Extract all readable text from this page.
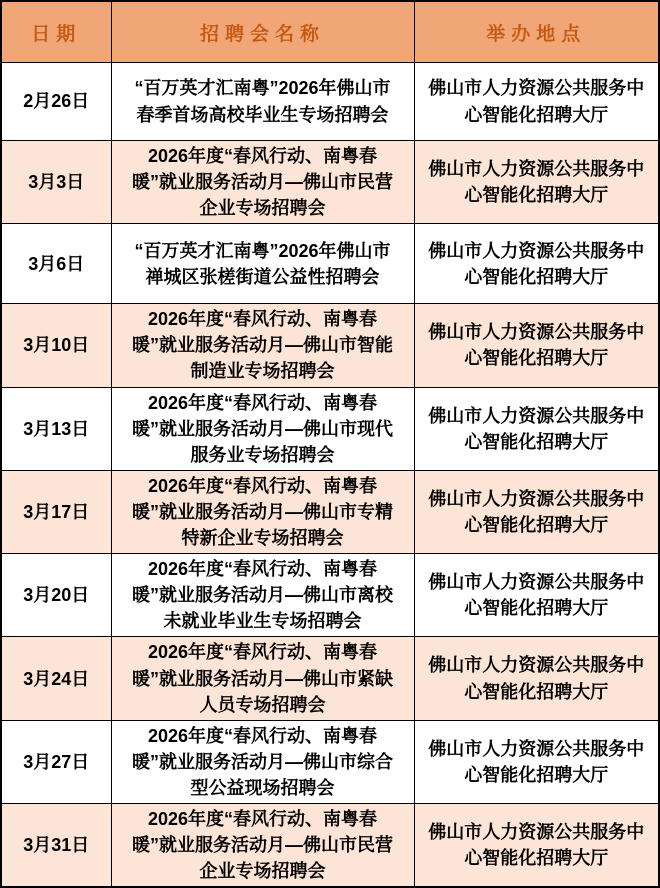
日期	招聘会名称	举办地点
2月26日	“百万英才汇南粤”2026年佛山市春季首场高校毕业生专场招聘会	佛山市人力资源公共服务中心智能化招聘大厅
3月3日	2026年度“春风行动、南粤春暖”就业服务活动月—佛山市民营企业专场招聘会	佛山市人力资源公共服务中心智能化招聘大厅
3月6日	“百万英才汇南粤”2026年佛山市禅城区张槎街道公益性招聘会	佛山市人力资源公共服务中心智能化招聘大厅
3月10日	2026年度“春风行动、南粤春暖”就业服务活动月—佛山市智能制造业专场招聘会	佛山市人力资源公共服务中心智能化招聘大厅
3月13日	2026年度“春风行动、南粤春暖”就业服务活动月—佛山市现代服务业专场招聘会	佛山市人力资源公共服务中心智能化招聘大厅
3月17日	2026年度“春风行动、南粤春暖”就业服务活动月—佛山市专精特新企业专场招聘会	佛山市人力资源公共服务中心智能化招聘大厅
3月20日	2026年度“春风行动、南粤春暖”就业服务活动月—佛山市离校未就业毕业生专场招聘会	佛山市人力资源公共服务中心智能化招聘大厅
3月24日	2026年度“春风行动、南粤春暖”就业服务活动月—佛山市紧缺人员专场招聘会	佛山市人力资源公共服务中心智能化招聘大厅
3月27日	2026年度“春风行动、南粤春暖”就业服务活动月—佛山市综合型公益现场招聘会	佛山市人力资源公共服务中心智能化招聘大厅
3月31日	2026年度“春风行动、南粤春暖”就业服务活动月—佛山市民营企业专场招聘会	佛山市人力资源公共服务中心智能化招聘大厅
